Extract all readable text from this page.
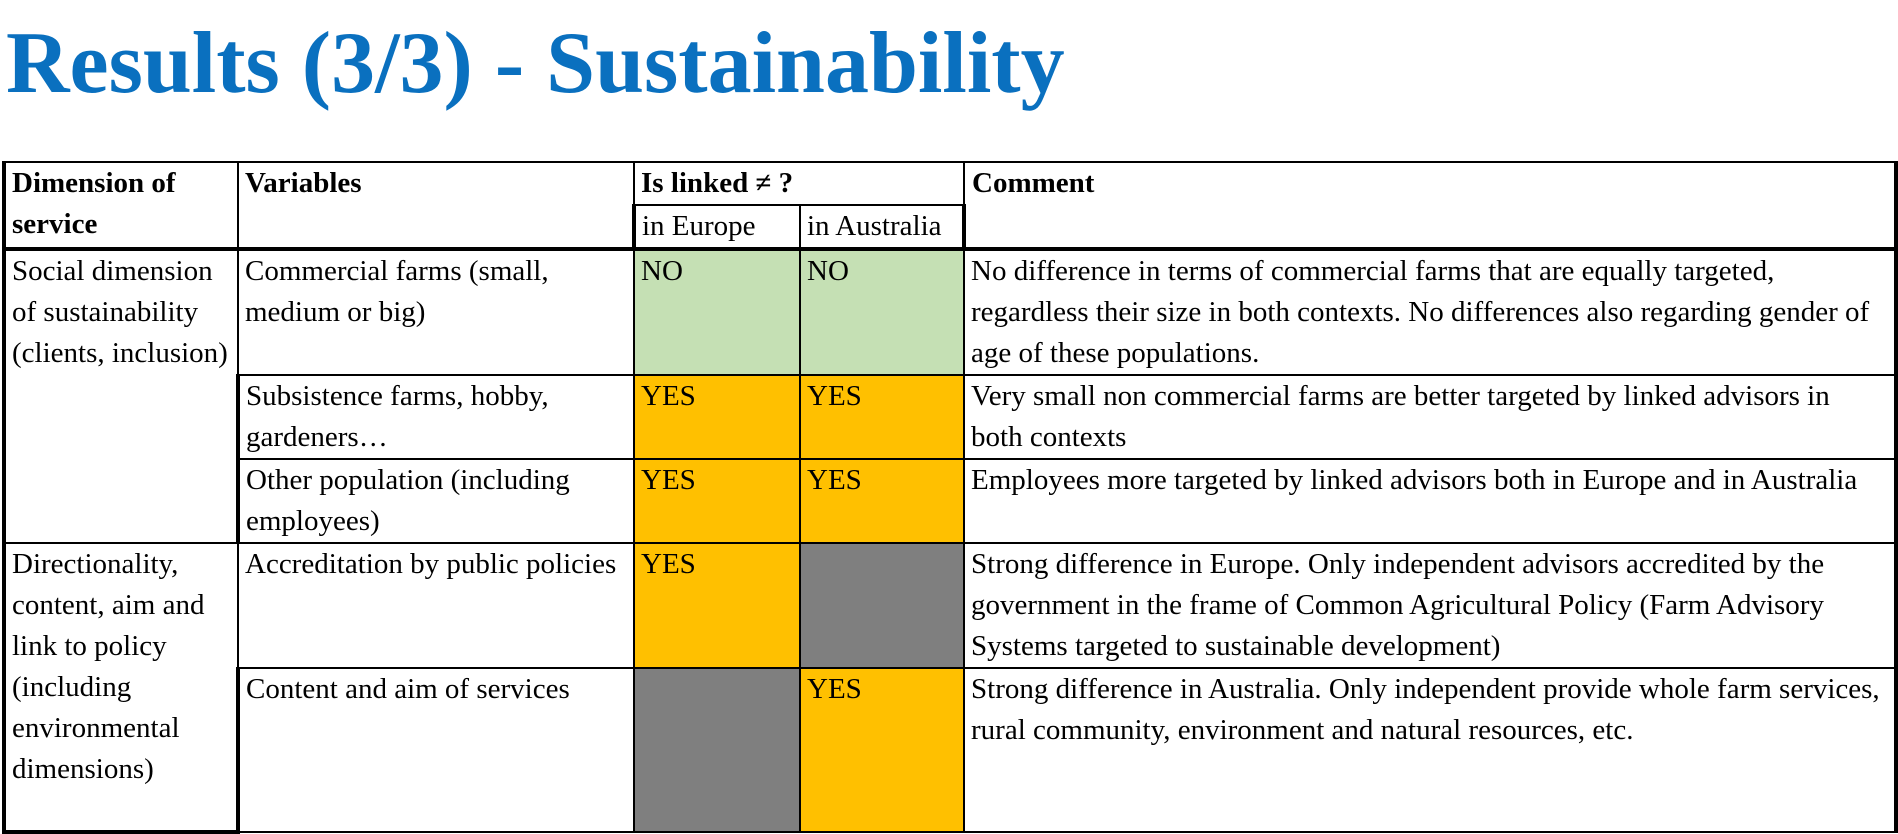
Results (3/3) - Sustainability
Dimension of service	Variables	Is linked ≠ ?		Comment
		in Europe	in Australia	
Social dimension of sustainability (clients, inclusion)	Commercial farms (small, medium or big)	NO	NO	No difference in terms of commercial farms that are equally targeted, regardless their size in both contexts. No differences also regarding gender of age of these populations.
	Subsistence farms, hobby, gardeners…	YES	YES	Very small non commercial farms are better targeted by linked advisors in both contexts
	Other population (including employees)	YES	YES	Employees more targeted by linked advisors both in Europe and in Australia
Directionality, content, aim and link to policy (including environmental dimensions)	Accreditation by public policies	YES		Strong difference in Europe. Only independent advisors accredited by the government in the frame of Common Agricultural Policy (Farm Advisory Systems targeted to sustainable development)
	Content and aim of services		YES	Strong difference in Australia. Only independent provide whole farm services, rural community, environment and natural resources, etc.
